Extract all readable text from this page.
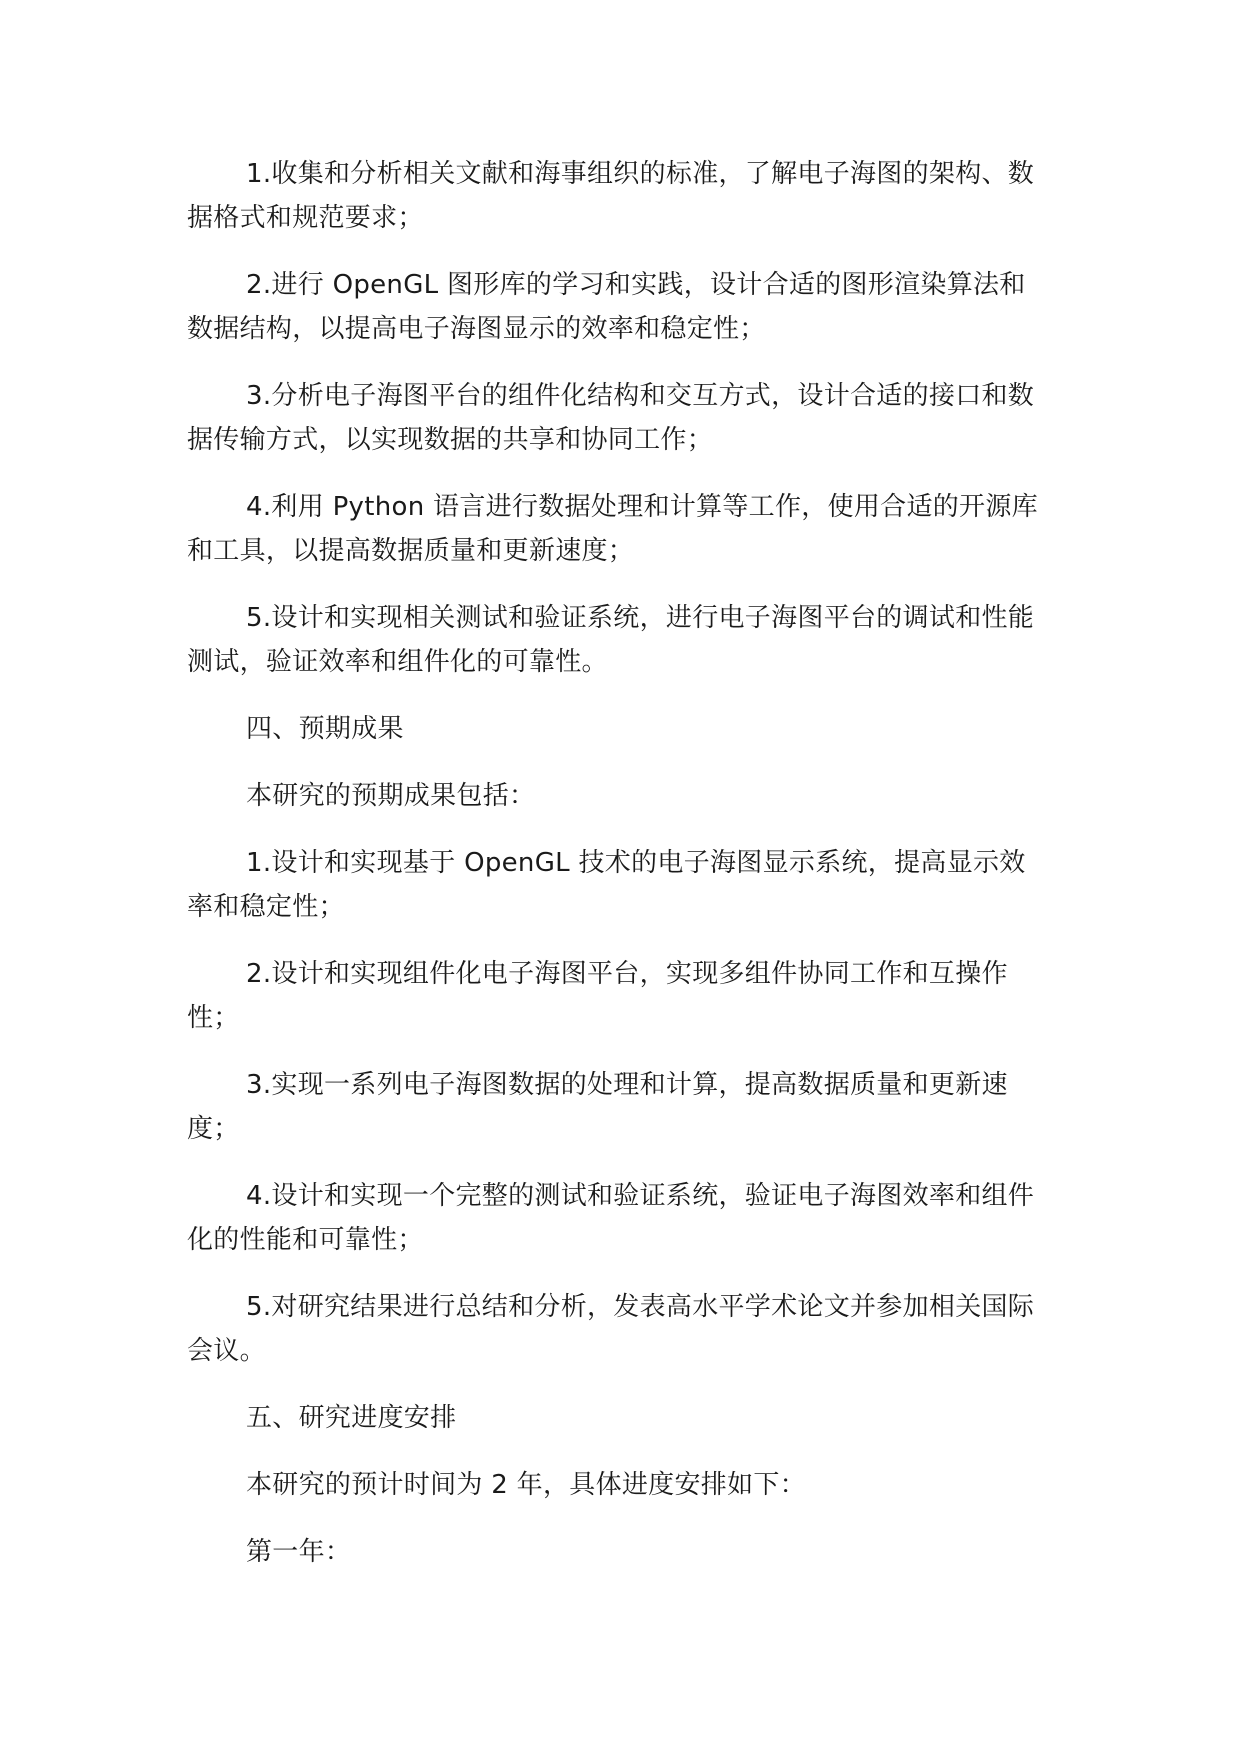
1.收集和分析相关文献和海事组织的标准，了解电子海图的架构、数据格式和规范要求；

2.进行 OpenGL 图形库的学习和实践，设计合适的图形渲染算法和数据结构，以提高电子海图显示的效率和稳定性；

3.分析电子海图平台的组件化结构和交互方式，设计合适的接口和数据传输方式，以实现数据的共享和协同工作；

4.利用 Python 语言进行数据处理和计算等工作，使用合适的开源库和工具，以提高数据质量和更新速度；

5.设计和实现相关测试和验证系统，进行电子海图平台的调试和性能测试，验证效率和组件化的可靠性。

四、预期成果

本研究的预期成果包括：

1.设计和实现基于 OpenGL 技术的电子海图显示系统，提高显示效率和稳定性；

2.设计和实现组件化电子海图平台，实现多组件协同工作和互操作性；

3.实现一系列电子海图数据的处理和计算，提高数据质量和更新速度；

4.设计和实现一个完整的测试和验证系统，验证电子海图效率和组件化的性能和可靠性；

5.对研究结果进行总结和分析，发表高水平学术论文并参加相关国际会议。

五、研究进度安排

本研究的预计时间为 2 年，具体进度安排如下：

第一年：
